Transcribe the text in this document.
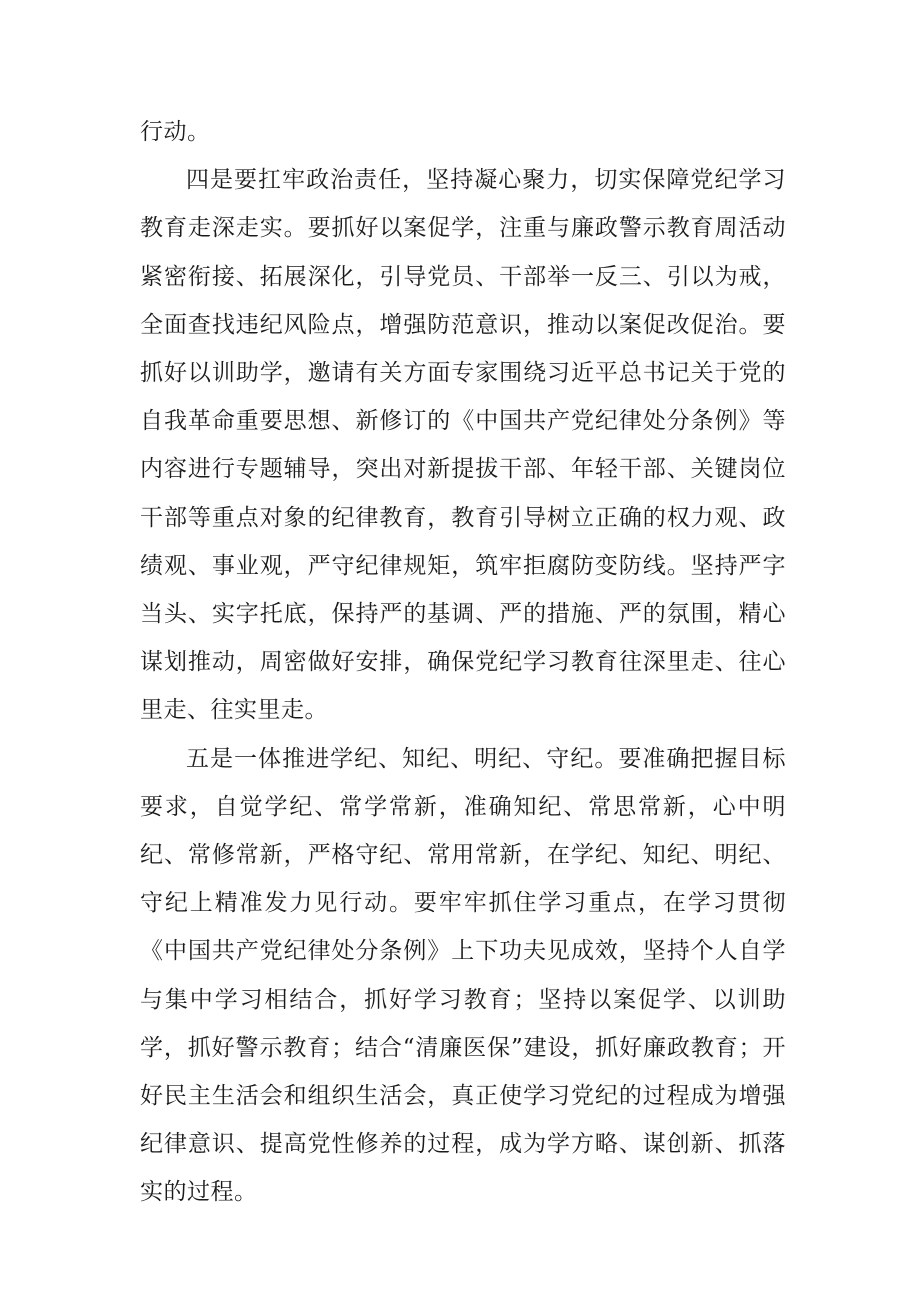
行动。

四是要扛牢政治责任，坚持凝心聚力，切实保障党纪学习教育走深走实。要抓好以案促学，注重与廉政警示教育周活动紧密衔接、拓展深化，引导党员、干部举一反三、引以为戒，全面查找违纪风险点，增强防范意识，推动以案促改促治。要抓好以训助学，邀请有关方面专家围绕习近平总书记关于党的自我革命重要思想、新修订的《中国共产党纪律处分条例》等内容进行专题辅导，突出对新提拔干部、年轻干部、关键岗位干部等重点对象的纪律教育，教育引导树立正确的权力观、政绩观、事业观，严守纪律规矩，筑牢拒腐防变防线。坚持严字当头、实字托底，保持严的基调、严的措施、严的氛围，精心谋划推动，周密做好安排，确保党纪学习教育往深里走、往心里走、往实里走。

五是一体推进学纪、知纪、明纪、守纪。要准确把握目标要求，自觉学纪、常学常新，准确知纪、常思常新，心中明纪、常修常新，严格守纪、常用常新，在学纪、知纪、明纪、守纪上精准发力见行动。要牢牢抓住学习重点，在学习贯彻《中国共产党纪律处分条例》上下功夫见成效，坚持个人自学与集中学习相结合，抓好学习教育；坚持以案促学、以训助学，抓好警示教育；结合“清廉医保”建设，抓好廉政教育；开好民主生活会和组织生活会，真正使学习党纪的过程成为增强纪律意识、提高党性修养的过程，成为学方略、谋创新、抓落实的过程。
